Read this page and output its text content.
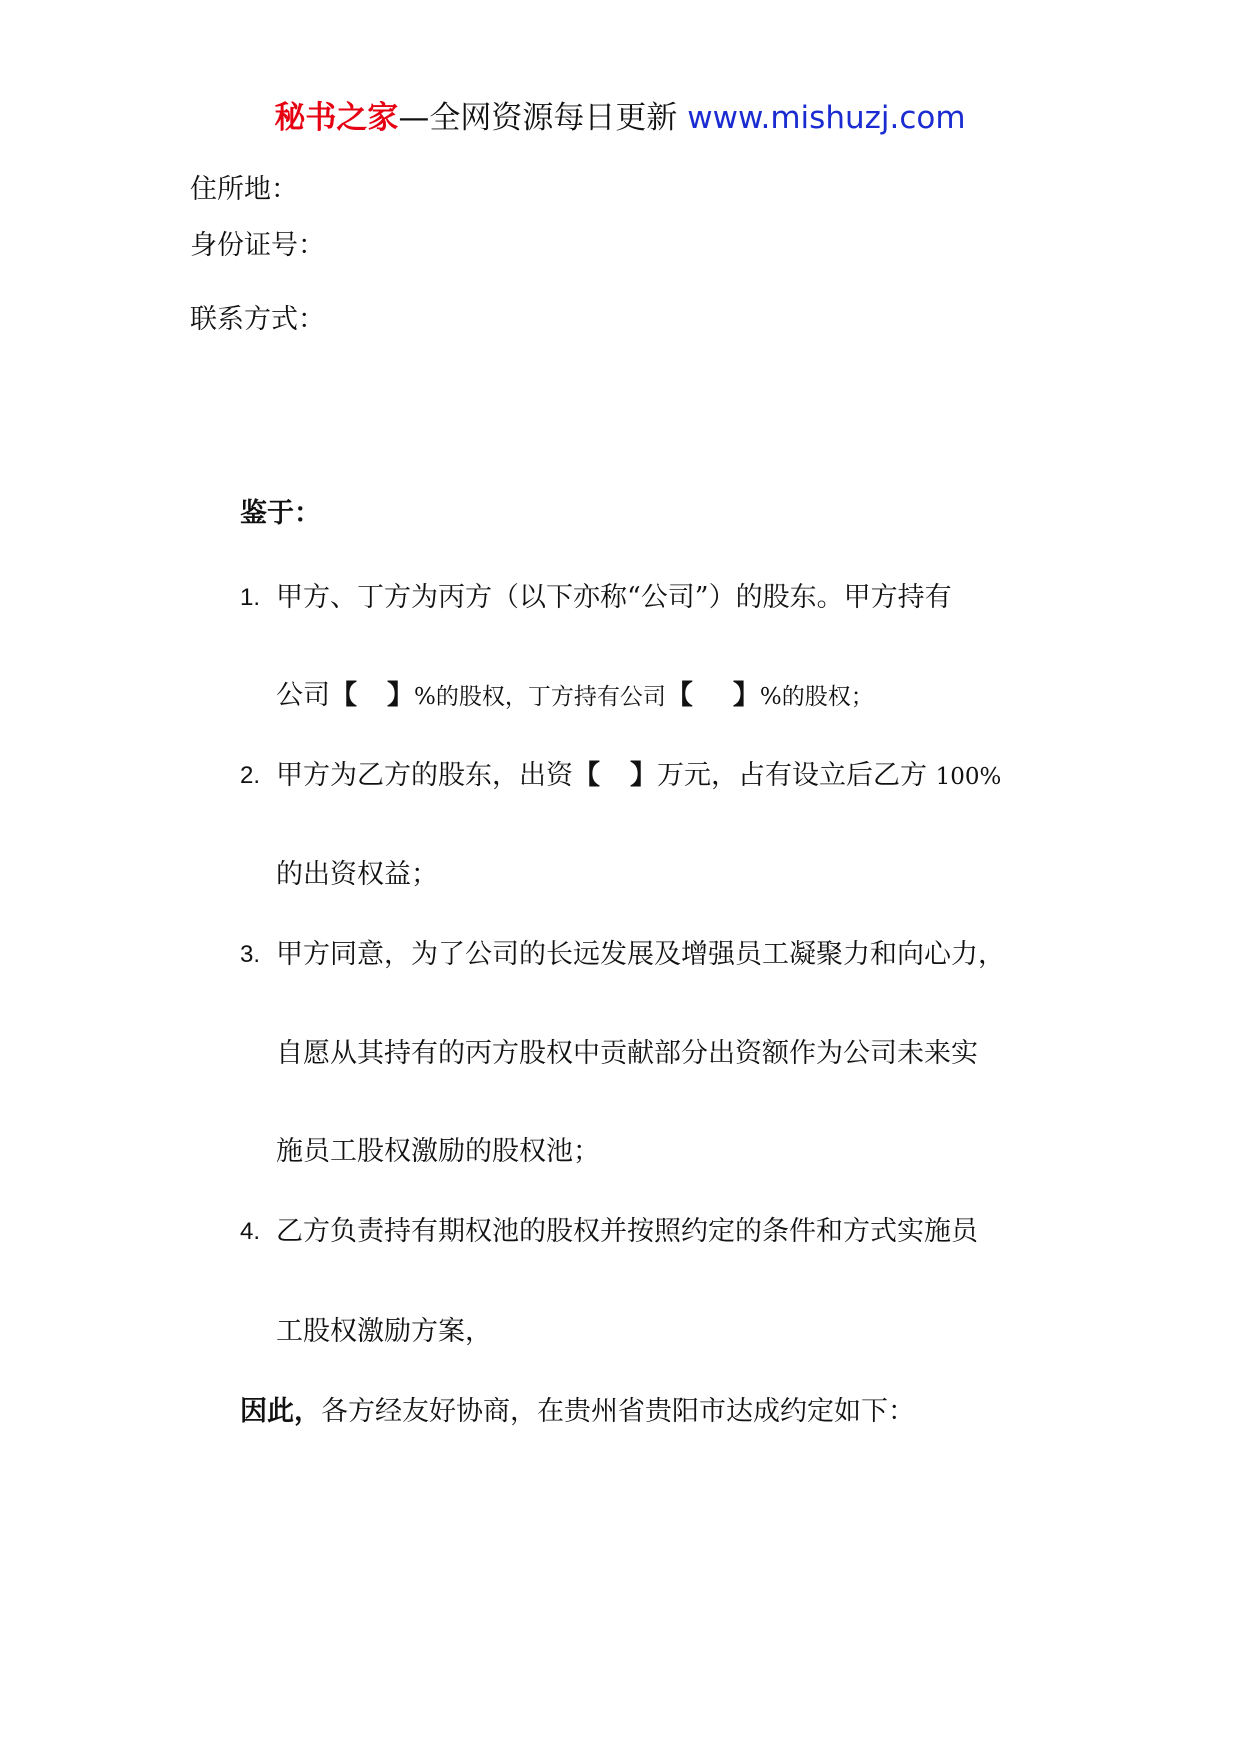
秘书之家—全网资源每日更新 www.mishuzj.com
住所地：
身份证号：
联系方式：
鉴于：
1. 甲方、丁方为丙方（以下亦称“公司”）的股东。甲方持有
公司【 】%的股权，丁方持有公司【 】%的股权；
2. 甲方为乙方的股东，出资【 】万元，占有设立后乙方 100%
的出资权益；
3. 甲方同意，为了公司的长远发展及增强员工凝聚力和向心力，
自愿从其持有的丙方股权中贡献部分出资额作为公司未来实
施员工股权激励的股权池；
4. 乙方负责持有期权池的股权并按照约定的条件和方式实施员
工股权激励方案，
因此，各方经友好协商，在贵州省贵阳市达成约定如下：
